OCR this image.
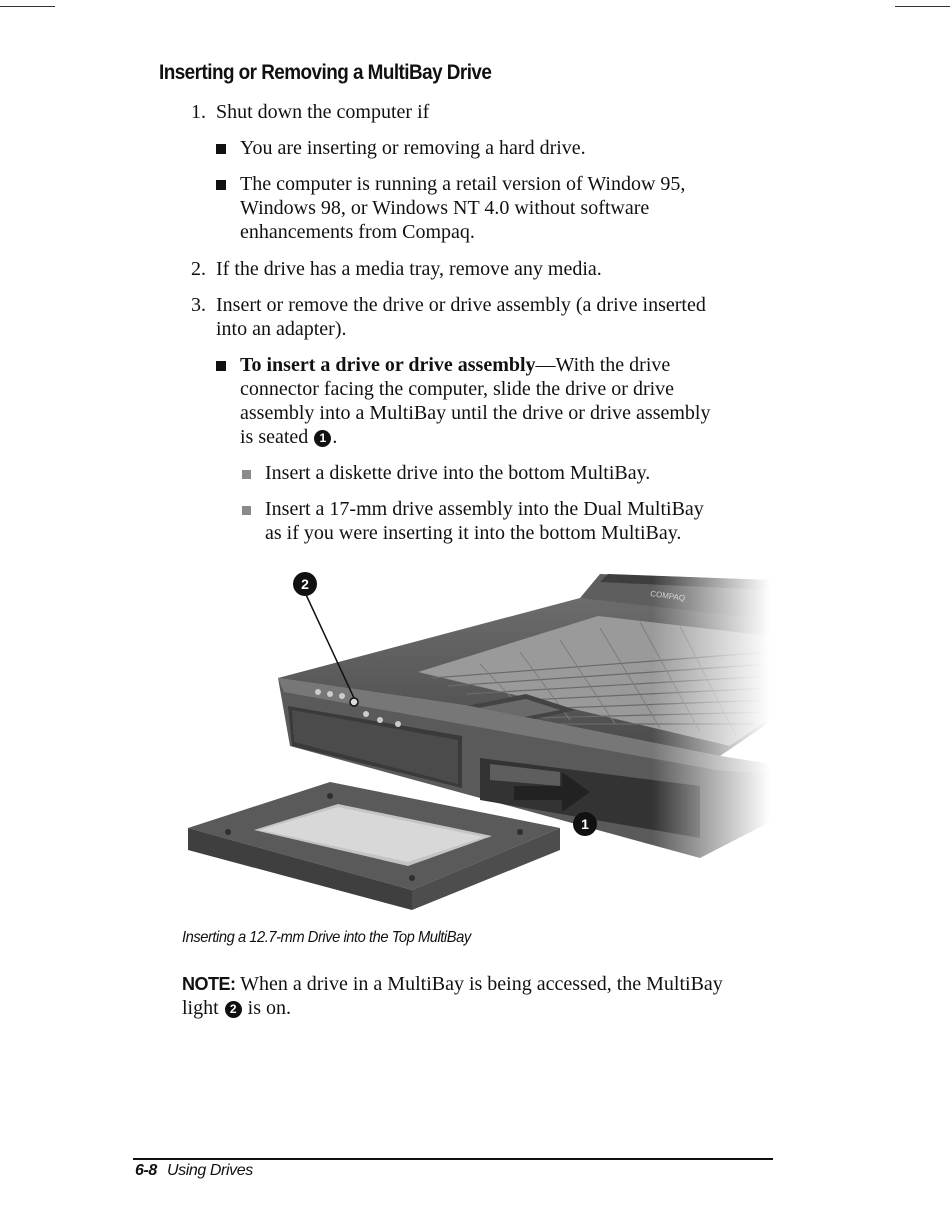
Inserting or Removing a MultiBay Drive
1. Shut down the computer if
You are inserting or removing a hard drive.
The computer is running a retail version of Window 95,
Windows 98, or Windows NT 4.0 without software
enhancements from Compaq.
2. If the drive has a media tray, remove any media.
3. Insert or remove the drive or drive assembly (a drive inserted
into an adapter).
To insert a drive or drive assembly—With the drive
connector facing the computer, slide the drive or drive
assembly into a MultiBay until the drive or drive assembly
is seated 1 .
Insert a diskette drive into the bottom MultiBay.
Insert a 17-mm drive assembly into the Dual MultiBay
as if you were inserting it into the bottom MultiBay.
2
1
Inserting a 12.7-mm Drive into the Top MultiBay
NOTE: When a drive in a MultiBay is being accessed, the MultiBay
light 2 is on.
6-8 Using Drives
